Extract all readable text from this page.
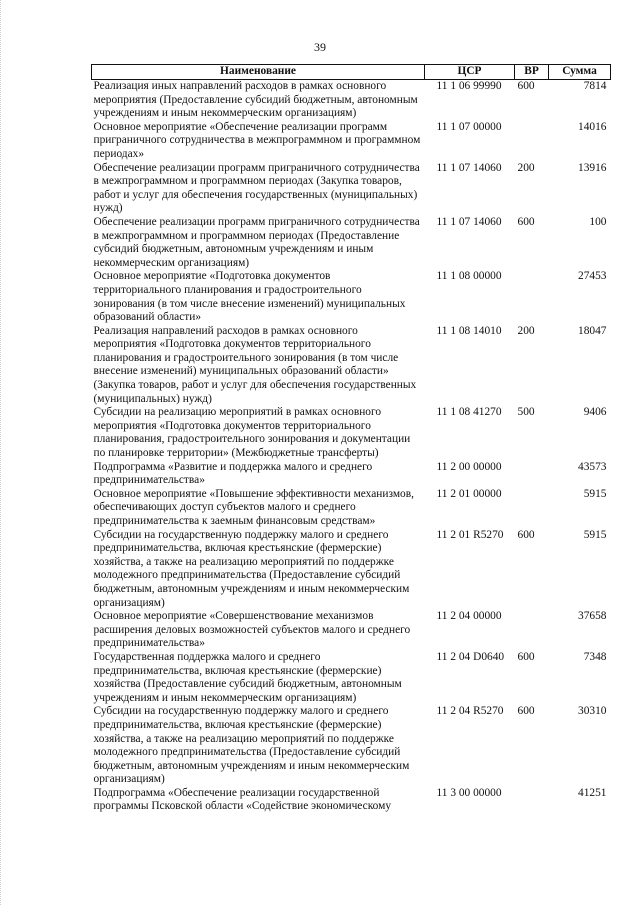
39
Наименование	ЦСР	ВР	Сумма
Реализация иных направлений расходов в рамках основного мероприятия (Предоставление субсидий бюджетным, автономным учреждениям и иным некоммерческим организациям)	11 1 06 99990	600	7814
Основное мероприятие «Обеспечение реализации программ приграничного сотрудничества в межпрограммном и программном периодах»	11 1 07 00000		14016
Обеспечение реализации программ приграничного сотрудничества в межпрограммном и программном периодах (Закупка товаров, работ и услуг для обеспечения государственных (муниципальных) нужд)	11 1 07 14060	200	13916
Обеспечение реализации программ приграничного сотрудничества в межпрограммном и программном периодах (Предоставление субсидий бюджетным, автономным учреждениям и иным некоммерческим организациям)	11 1 07 14060	600	100
Основное мероприятие «Подготовка документов территориального планирования и градостроительного зонирования (в том числе внесение изменений) муниципальных образований области»	11 1 08 00000		27453
Реализация направлений расходов в рамках основного мероприятия «Подготовка документов территориального планирования и градостроительного зонирования (в том числе внесение изменений) муниципальных образований области» (Закупка товаров, работ и услуг для обеспечения государственных (муниципальных) нужд)	11 1 08 14010	200	18047
Субсидии на реализацию мероприятий в рамках основного мероприятия «Подготовка документов территориального планирования, градостроительного зонирования и документации по планировке территории» (Межбюджетные трансферты)	11 1 08 41270	500	9406
Подпрограмма «Развитие и поддержка малого и среднего предпринимательства»	11 2 00 00000		43573
Основное мероприятие «Повышение эффективности механизмов, обеспечивающих доступ субъектов малого и среднего предпринимательства к заемным финансовым средствам»	11 2 01 00000		5915
Субсидии на государственную поддержку малого и среднего предпринимательства, включая крестьянские (фермерские) хозяйства, а также на реализацию мероприятий по поддержке молодежного предпринимательства (Предоставление субсидий бюджетным, автономным учреждениям и иным некоммерческим организациям)	11 2 01 R5270	600	5915
Основное мероприятие «Совершенствование механизмов расширения деловых возможностей субъектов малого и среднего предпринимательства»	11 2 04 00000		37658
Государственная поддержка малого и среднего предпринимательства, включая крестьянские (фермерские) хозяйства (Предоставление субсидий бюджетным, автономным учреждениям и иным некоммерческим организациям)	11 2 04 D0640	600	7348
Субсидии на государственную поддержку малого и среднего предпринимательства, включая крестьянские (фермерские) хозяйства, а также на реализацию мероприятий по поддержке молодежного предпринимательства (Предоставление субсидий бюджетным, автономным учреждениям и иным некоммерческим организациям)	11 2 04 R5270	600	30310
Подпрограмма «Обеспечение реализации государственной программы Псковской области «Содействие экономическому	11 3 00 00000		41251
